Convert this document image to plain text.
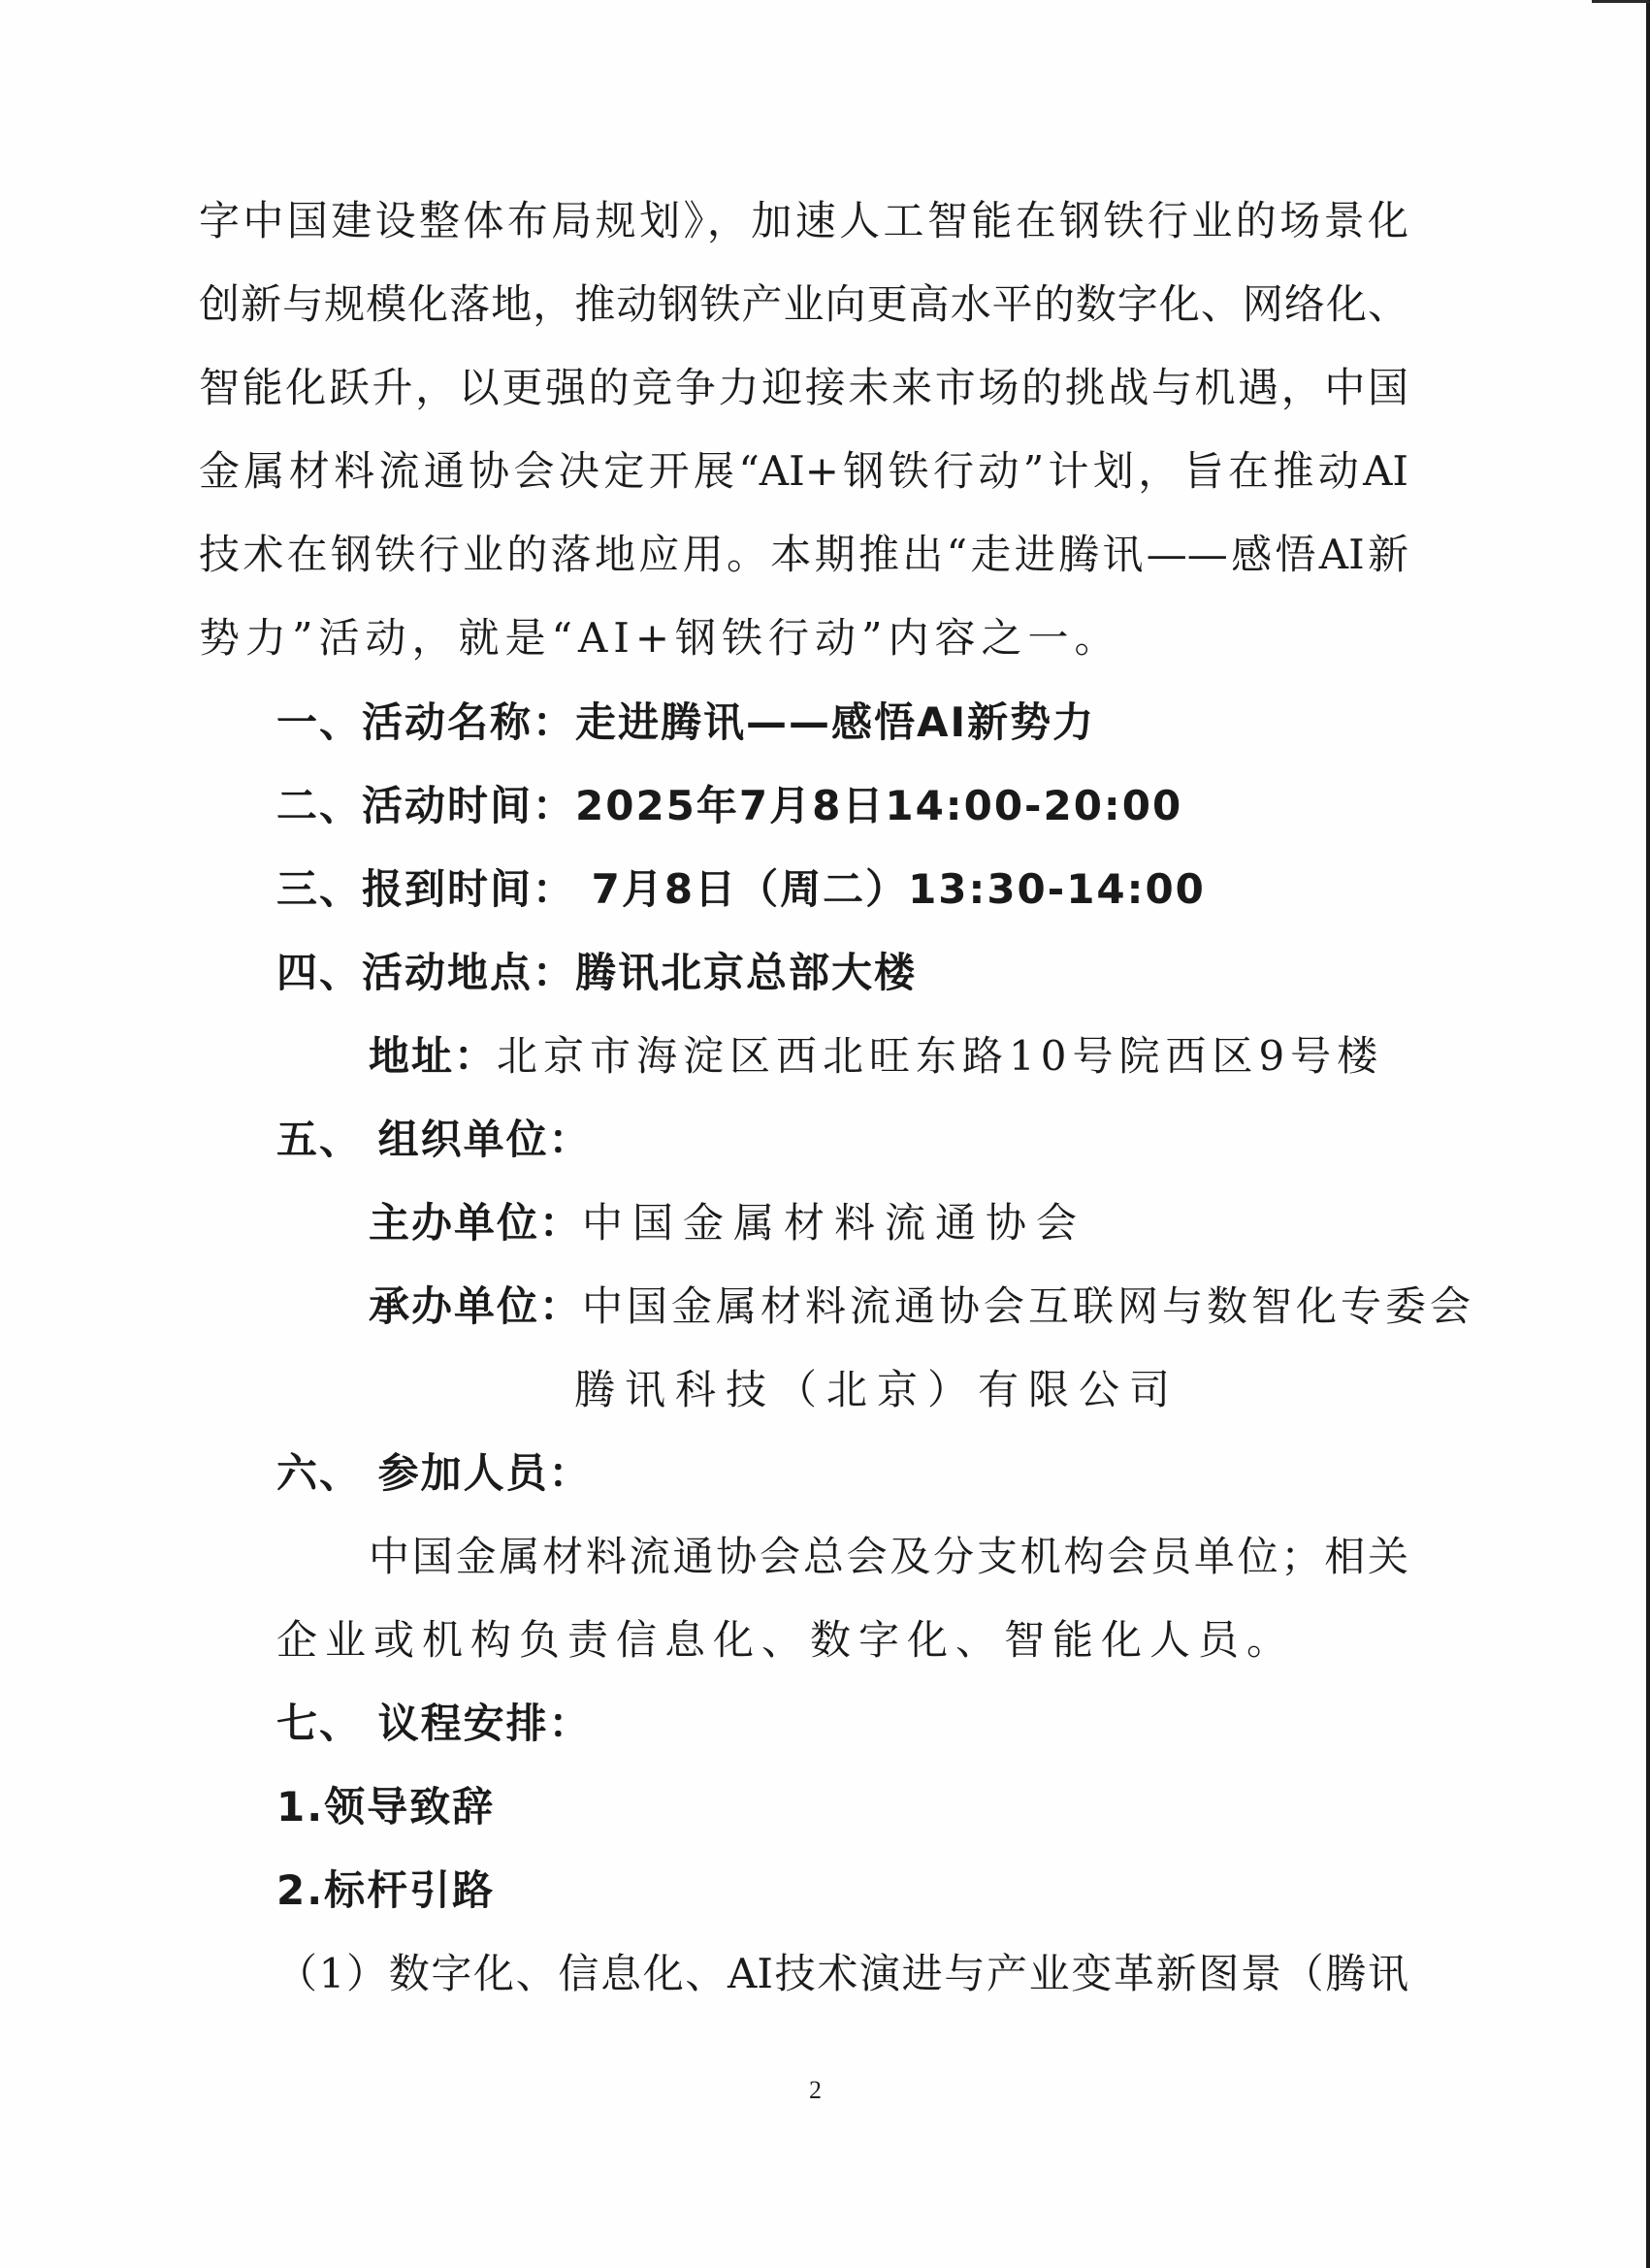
字中国建设整体布局规划》，加速人工智能在钢铁行业的场景化
创新与规模化落地，推动钢铁产业向更高水平的数字化、网络化、
智能化跃升，以更强的竞争力迎接未来市场的挑战与机遇，中国
金属材料流通协会决定开展“AI+钢铁行动”计划，旨在推动AI
技术在钢铁行业的落地应用。本期推出“走进腾讯——感悟AI新
势力”活动，就是“AI+钢铁行动”内容之一。
一、活动名称：走进腾讯——感悟AI新势力
二、活动时间：2025年7月8日14:00-20:00
三、报到时间： 7月8日（周二）13:30-14:00
四、活动地点：腾讯北京总部大楼
地址：北京市海淀区西北旺东路10号院西区9号楼
五、 组织单位：
主办单位：中国金属材料流通协会
承办单位：中国金属材料流通协会互联网与数智化专委会
腾讯科技（北京）有限公司
六、 参加人员：
中国金属材料流通协会总会及分支机构会员单位；相关
企业或机构负责信息化、数字化、智能化人员。
七、 议程安排：
1.领导致辞
2.标杆引路
（1）数字化、信息化、AI技术演进与产业变革新图景（腾讯
2
